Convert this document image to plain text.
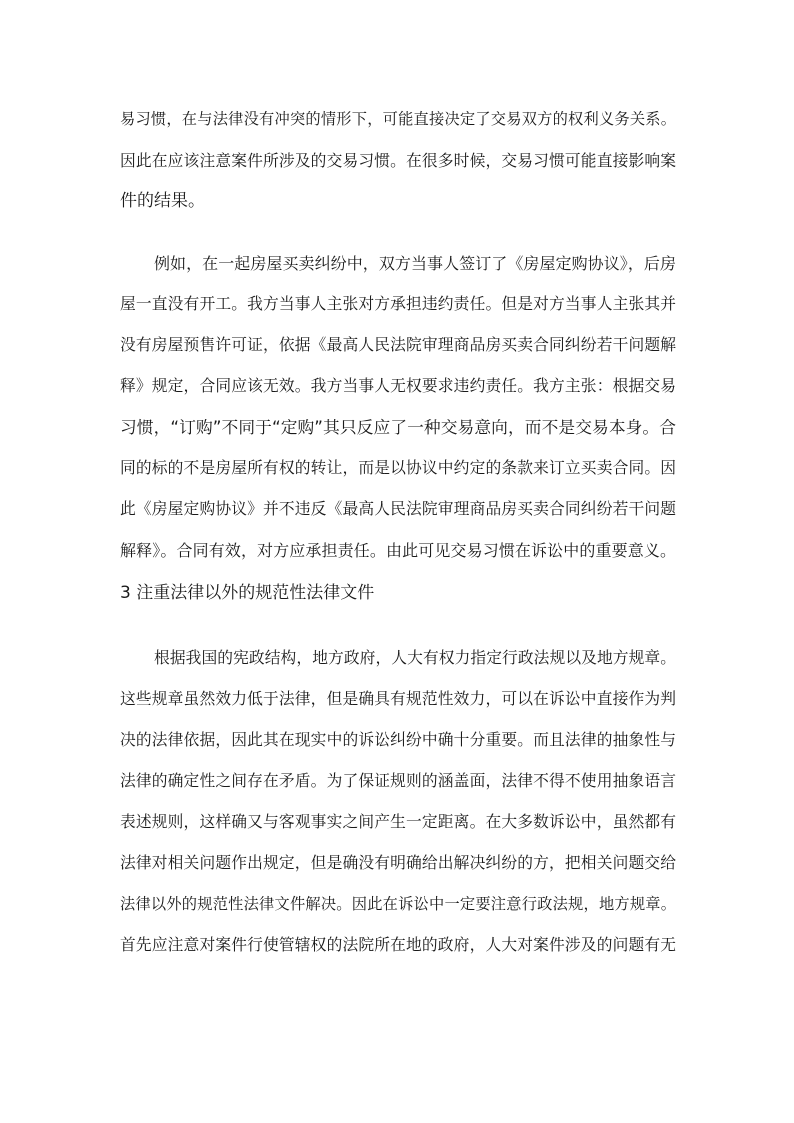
易习惯，在与法律没有冲突的情形下，可能直接决定了交易双方的权利义务关系。
因此在应该注意案件所涉及的交易习惯。在很多时候，交易习惯可能直接影响案
件的结果。
例如，在一起房屋买卖纠纷中，双方当事人签订了《房屋定购协议》，后房
屋一直没有开工。我方当事人主张对方承担违约责任。但是对方当事人主张其并
没有房屋预售许可证，依据《最高人民法院审理商品房买卖合同纠纷若干问题解
释》规定，合同应该无效。我方当事人无权要求违约责任。我方主张：根据交易
习惯，“订购”不同于“定购”其只反应了一种交易意向，而不是交易本身。合
同的标的不是房屋所有权的转让，而是以协议中约定的条款来订立买卖合同。因
此《房屋定购协议》并不违反《最高人民法院审理商品房买卖合同纠纷若干问题
解释》。合同有效，对方应承担责任。由此可见交易习惯在诉讼中的重要意义。
3 注重法律以外的规范性法律文件
根据我国的宪政结构，地方政府，人大有权力指定行政法规以及地方规章。
这些规章虽然效力低于法律，但是确具有规范性效力，可以在诉讼中直接作为判
决的法律依据，因此其在现实中的诉讼纠纷中确十分重要。而且法律的抽象性与
法律的确定性之间存在矛盾。为了保证规则的涵盖面，法律不得不使用抽象语言
表述规则，这样确又与客观事实之间产生一定距离。在大多数诉讼中，虽然都有
法律对相关问题作出规定，但是确没有明确给出解决纠纷的方，把相关问题交给
法律以外的规范性法律文件解决。因此在诉讼中一定要注意行政法规，地方规章。
首先应注意对案件行使管辖权的法院所在地的政府，人大对案件涉及的问题有无
